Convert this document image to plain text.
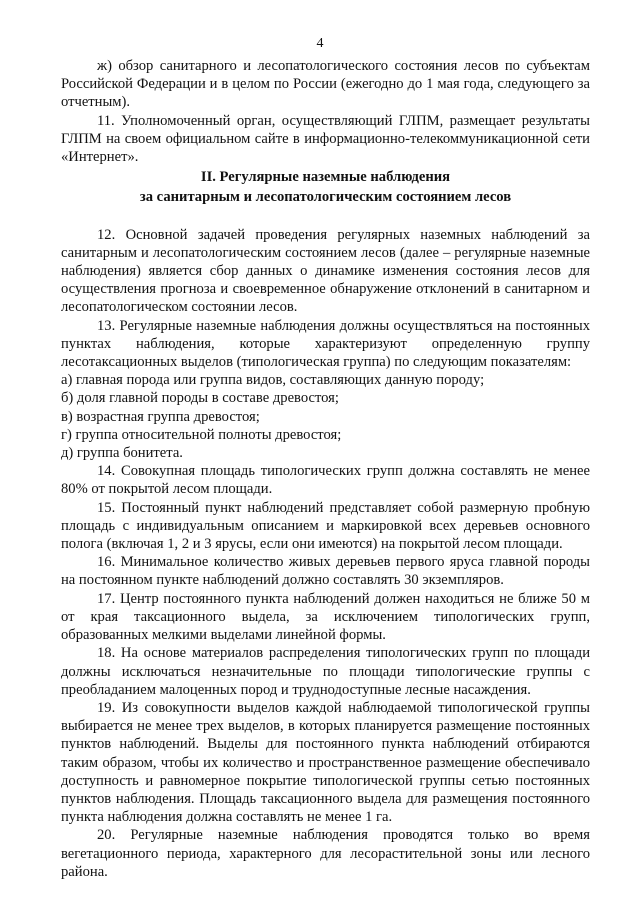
4

ж) обзор санитарного и лесопатологического состояния лесов по субъектам Российской Федерации и в целом по России (ежегодно до 1 мая года, следующего за отчетным).

11. Уполномоченный орган, осуществляющий ГЛПМ, размещает результаты ГЛПМ на своем официальном сайте в информационно-телекоммуникационной сети «Интернет».

II. Регулярные наземные наблюдения

за санитарным и лесопатологическим состоянием лесов

12. Основной задачей проведения регулярных наземных наблюдений за санитарным и лесопатологическим состоянием лесов (далее – регулярные наземные наблюдения) является сбор данных о динамике изменения состояния лесов для осуществления прогноза и своевременное обнаружение отклонений в санитарном и лесопатологическом состоянии лесов.

13. Регулярные наземные наблюдения должны осуществляться на постоянных пунктах наблюдения, которые характеризуют определенную группу лесотаксационных выделов (типологическая группа) по следующим показателям:

а) главная порода или группа видов, составляющих данную породу;

б) доля главной породы в составе древостоя;

в) возрастная группа древостоя;

г) группа относительной полноты древостоя;

д) группа бонитета.

14. Совокупная площадь типологических групп должна составлять не менее 80% от покрытой лесом площади.

15. Постоянный пункт наблюдений представляет собой размерную пробную площадь с индивидуальным описанием и маркировкой всех деревьев основного полога (включая 1, 2 и 3 ярусы, если они имеются) на покрытой лесом площади.

16. Минимальное количество живых деревьев первого яруса главной породы на постоянном пункте наблюдений должно составлять 30 экземпляров.

17. Центр постоянного пункта наблюдений должен находиться не ближе 50 м от края таксационного выдела, за исключением типологических групп, образованных мелкими выделами линейной формы.

18. На основе материалов распределения типологических групп по площади должны исключаться незначительные по площади типологические группы с преобладанием малоценных пород и труднодоступные лесные насаждения.

19. Из совокупности выделов каждой наблюдаемой типологической группы выбирается не менее трех выделов, в которых планируется размещение постоянных пунктов наблюдений. Выделы для постоянного пункта наблюдений отбираются таким образом, чтобы их количество и пространственное размещение обеспечивало доступность и равномерное покрытие типологической группы сетью постоянных пунктов наблюдения. Площадь таксационного выдела для размещения постоянного пункта наблюдения должна составлять не менее 1 га.

20. Регулярные наземные наблюдения проводятся только во время вегетационного периода, характерного для лесорастительной зоны или лесного района.
